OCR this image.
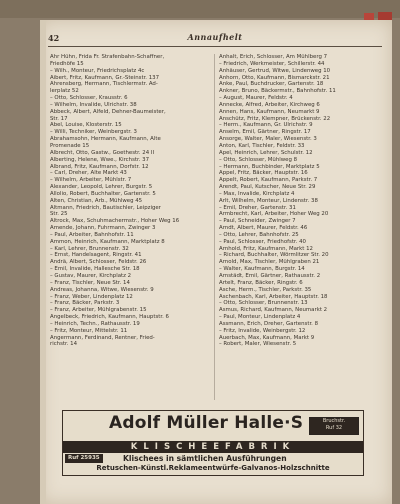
42	Annaufhelt
Ahr Hühn, Frida Fr. Strafenbahn-Schaffner,
Friedhöfe 15
– Wilh., Monteur, Friedrichsplatz 4c
Aibert, Fritz, Kaufmann, Gr.-Steinstr. 137
Ahrensberg, Hermann, Tischlermstr. Ad-
lerplatz 52
– Otto, Schlosser, Krausstr. 6
– Wilhelm, Invalide, Ulrichstr. 38
Abbeck, Albert, Alfeld, Dehner-Baumeister,
Str. 17
Abel, Louise, Klosterstr. 15
– Willi, Techniker, Weinbergstr. 3
Abrahamsohn, Hermann, Kaufmann, Alte
Promenade 15
Albrecht, Otto, Gastw., Goethestr. 24 II
Alberting, Helene, Wwe., Kirchstr. 37
Albrand, Fritz, Kaufmann, Dorfstr. 12
– Carl, Dreher, Alte Markt 43
– Wilhelm, Arbeiter, Mühlstr. 7
Alexander, Leopold, Lehrer, Burgstr. 5
Allolio, Robert, Buchhalter, Gartenstr. 5
Alten, Christian, Arb., Mühlweg 45
Altmann, Friedrich, Bautischler, Leipziger
Str. 25
Altrock, Max, Schuhmachermstr., Hoher Weg 16
Amende, Johann, Fuhrmann, Zwinger 3
– Paul, Arbeiter, Bahnhofstr. 11
Ammon, Heinrich, Kaufmann, Marktplatz 8
– Karl, Lehrer, Brunnenstr. 32
– Ernst, Handelsagent, Ringstr. 41
Andrä, Albert, Schlosser, Feldstr. 26
– Emil, Invalide, Hallesche Str. 18
– Gustav, Maurer, Kirchplatz 2
– Franz, Tischler, Neue Str. 14
Andreas, Johanna, Witwe, Wiesenstr. 9
– Franz, Weber, Lindenplatz 12
– Franz, Bäcker, Parkstr. 3
– Franz, Arbeiter, Mühlgrabenstr. 15
Angelbeck, Friedrich, Kaufmann, Hauptstr. 6
– Heinrich, Techn., Rathausstr. 19
– Fritz, Monteur, Mittelstr. 11
Angermann, Ferdinand, Rentner, Fried-
richstr. 14
Anhalt, Erich, Schlosser, Am Mühlberg 7
– Friedrich, Werkmeister, Schillerstr. 44
Anhäuser, Gertrud, Witwe, Lindenweg 10
Anhorn, Otto, Kaufmann, Bismarckstr. 21
Anke, Paul, Buchdrucker, Gartenstr. 18
Ankner, Bruno, Bäckermstr., Bahnhofstr. 11
– August, Maurer, Feldstr. 4
Annecke, Alfred, Arbeiter, Kirchweg 6
Annen, Hans, Kaufmann, Neumarkt 9
Anschütz, Fritz, Klempner, Brückenstr. 22
– Herm., Kaufmann, Gr. Ulrichstr. 9
Anselm, Emil, Gärtner, Ringstr. 17
Ansorge, Walter, Maler, Wiesenstr. 3
Anton, Karl, Tischler, Feldstr. 33
Apel, Heinrich, Lehrer, Schulstr. 12
– Otto, Schlosser, Mühlweg 8
– Hermann, Buchbinder, Marktplatz 5
Appel, Fritz, Bäcker, Hauptstr. 16
Appelt, Robert, Kaufmann, Parkstr. 7
Arendt, Paul, Kutscher, Neue Str. 29
– Max, Invalide, Kirchplatz 4
Arlt, Wilhelm, Monteur, Lindenstr. 38
– Emil, Dreher, Gartenstr. 31
Armbrecht, Karl, Arbeiter, Hoher Weg 20
– Paul, Schneider, Zwinger 7
Arndt, Albert, Maurer, Feldstr. 46
– Otto, Lehrer, Bahnhofstr. 25
– Paul, Schlosser, Friedhofstr. 40
Arnhold, Fritz, Kaufmann, Markt 12
– Richard, Buchhalter, Wörmlitzer Str. 20
Arnold, Max, Tischler, Mühlgraben 21
– Walter, Kaufmann, Burgstr. 14
Arnstädt, Emil, Gärtner, Rathausstr. 2
Artelt, Franz, Bäcker, Ringstr. 6
Asche, Herm., Tischler, Parkstr. 35
Aschenbach, Karl, Arbeiter, Hauptstr. 18
– Otto, Schlosser, Brunnenstr. 13
Asmus, Richard, Kaufmann, Neumarkt 2
– Paul, Monteur, Lindenplatz 4
Assmann, Erich, Dreher, Gartenstr. 8
– Fritz, Invalide, Weinbergstr. 12
Auerbach, Max, Kaufmann, Markt 9
– Robert, Maler, Wiesenstr. 5
Adolf Müller Halle·S	Bruchstr.
Ruf 32
KLISCHEEFABRIK
Ruf 25935	Klischees in sämtlichen Ausführungen
Retuschen-Künstl.Reklameentwürfe-Galvanos-Holzschnitte
